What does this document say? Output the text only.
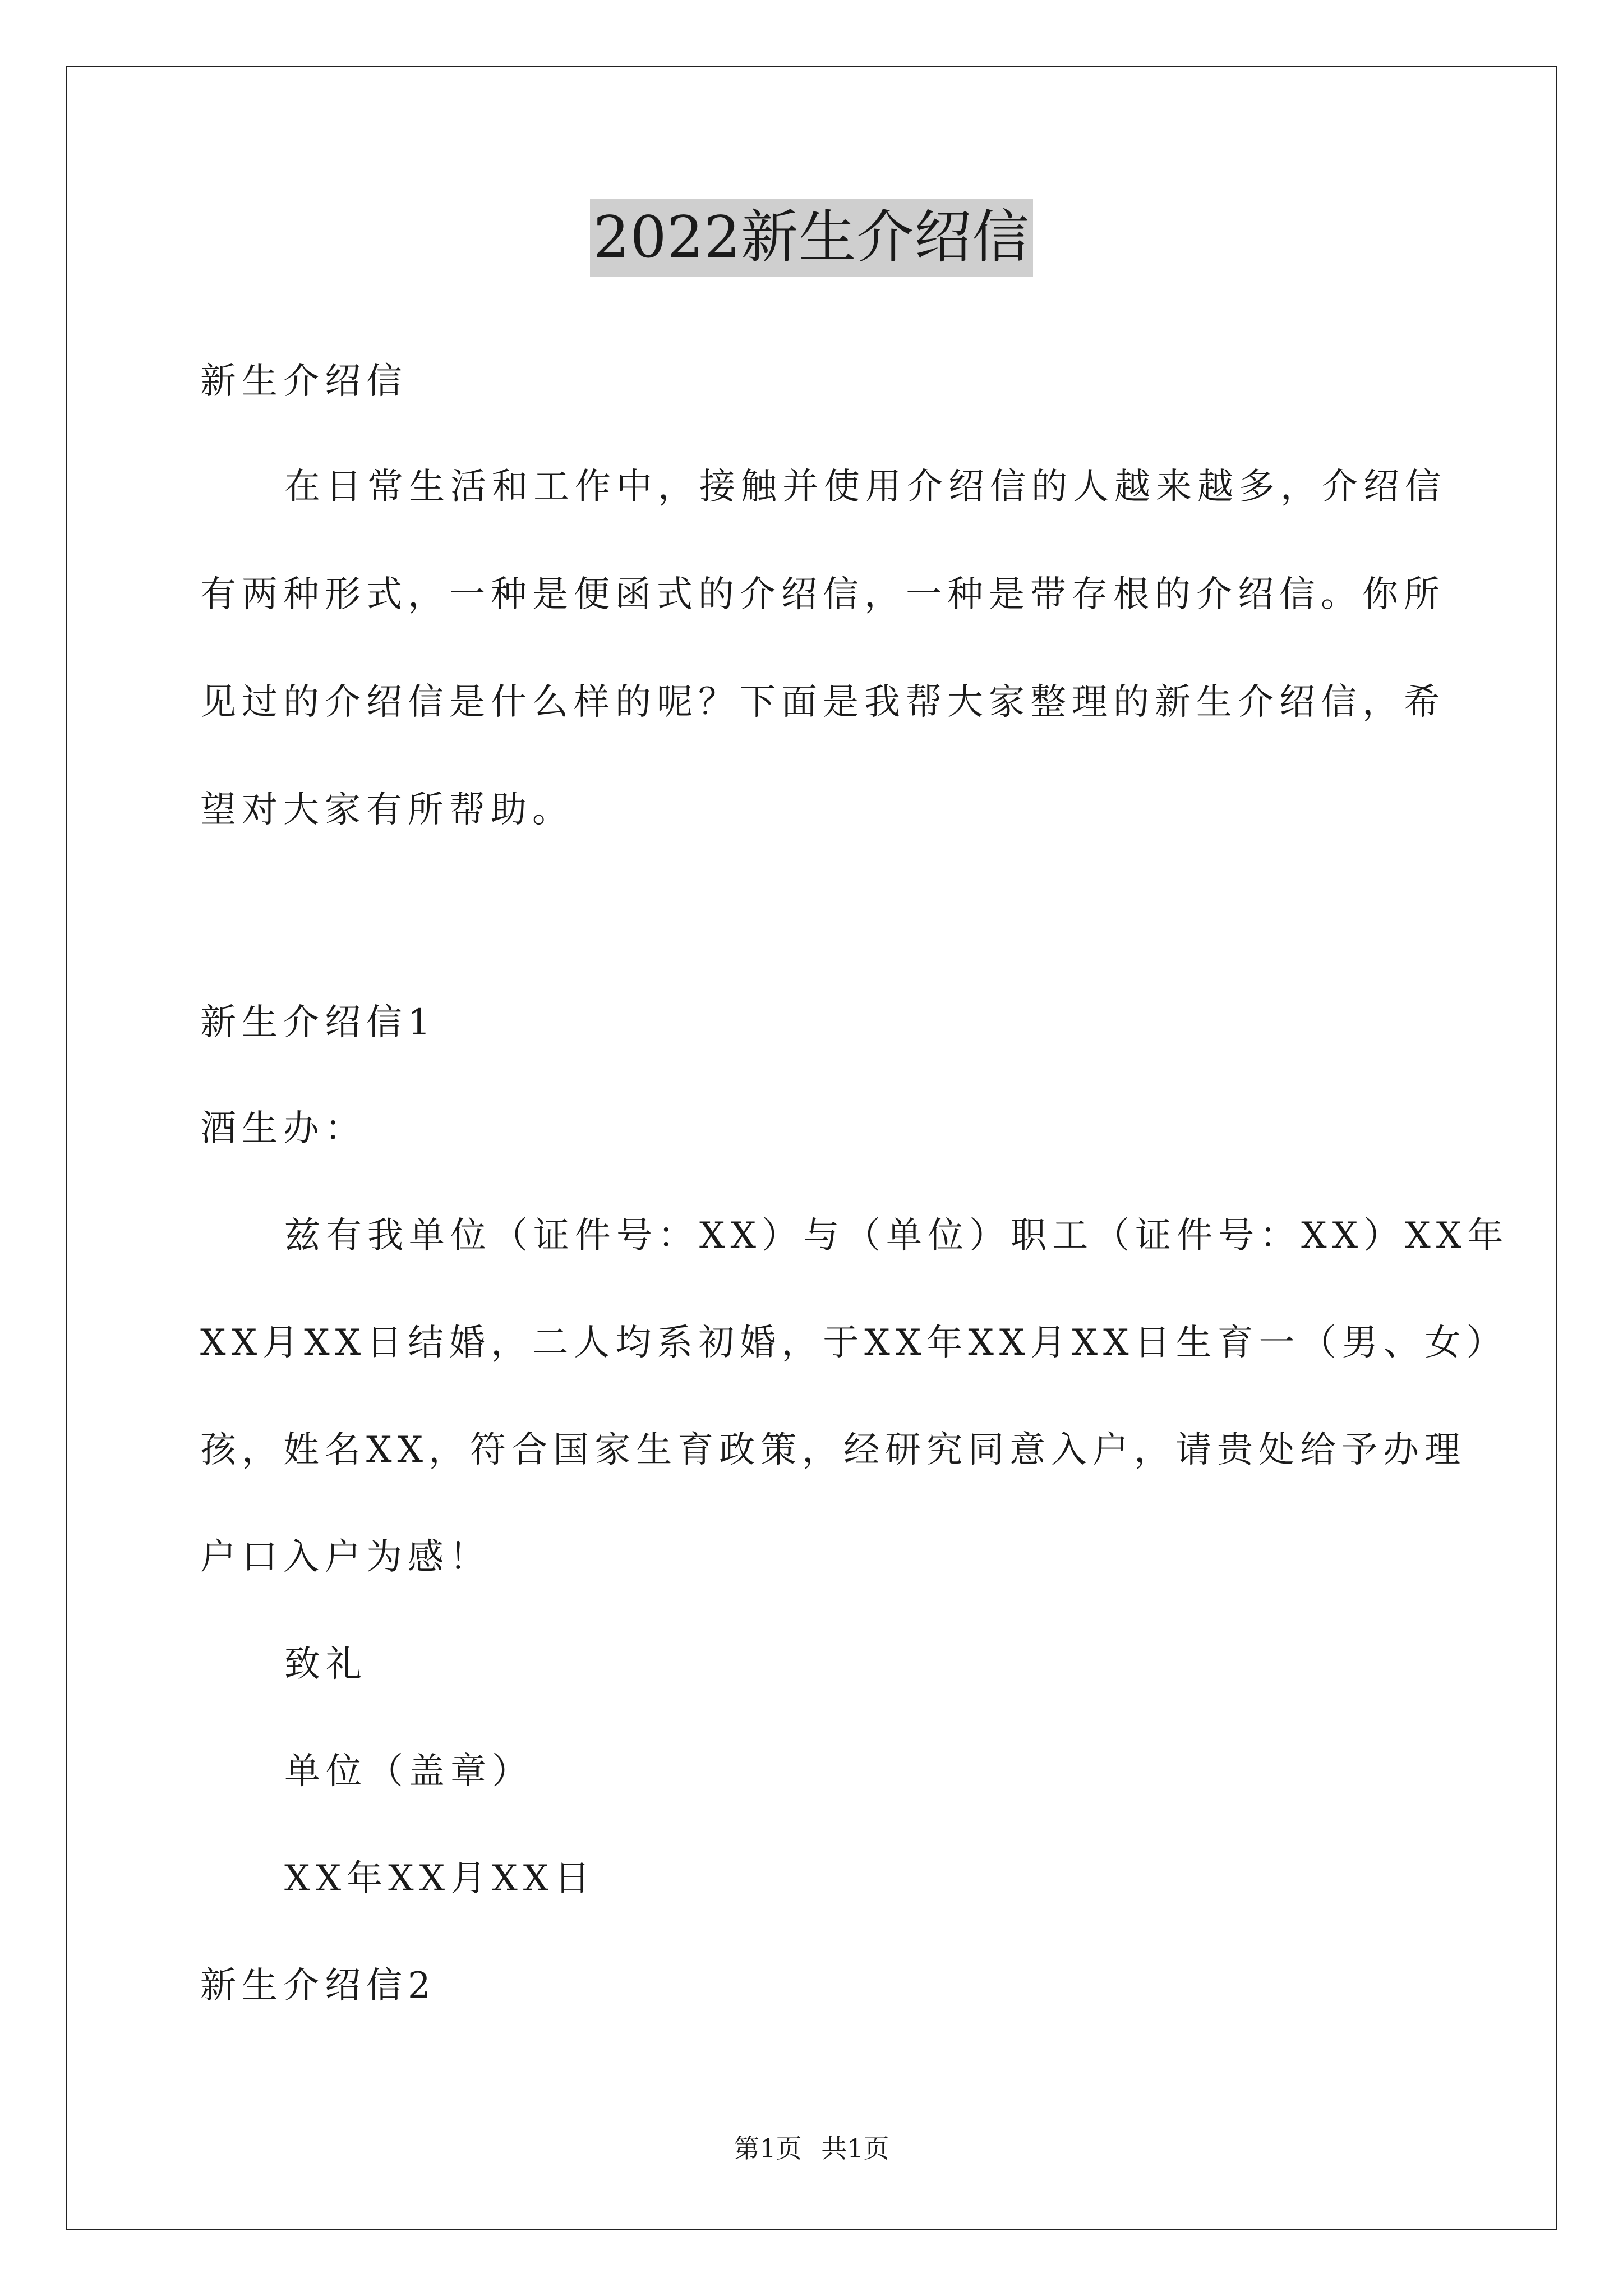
2022新生介绍信
新生介绍信
在日常生活和工作中，接触并使用介绍信的人越来越多，介绍信
有两种形式，一种是便函式的介绍信，一种是带存根的介绍信。你所
见过的介绍信是什么样的呢？下面是我帮大家整理的新生介绍信，希
望对大家有所帮助。
新生介绍信1
酒生办：
兹有我单位（证件号：XX）与（单位）职工（证件号：XX）XX年
XX月XX日结婚，二人均系初婚，于XX年XX月XX日生育一（男、女）
孩，姓名XX，符合国家生育政策，经研究同意入户，请贵处给予办理
户口入户为感！
致礼
单位（盖章）
XX年XX月XX日
新生介绍信2
第1页 共1页
